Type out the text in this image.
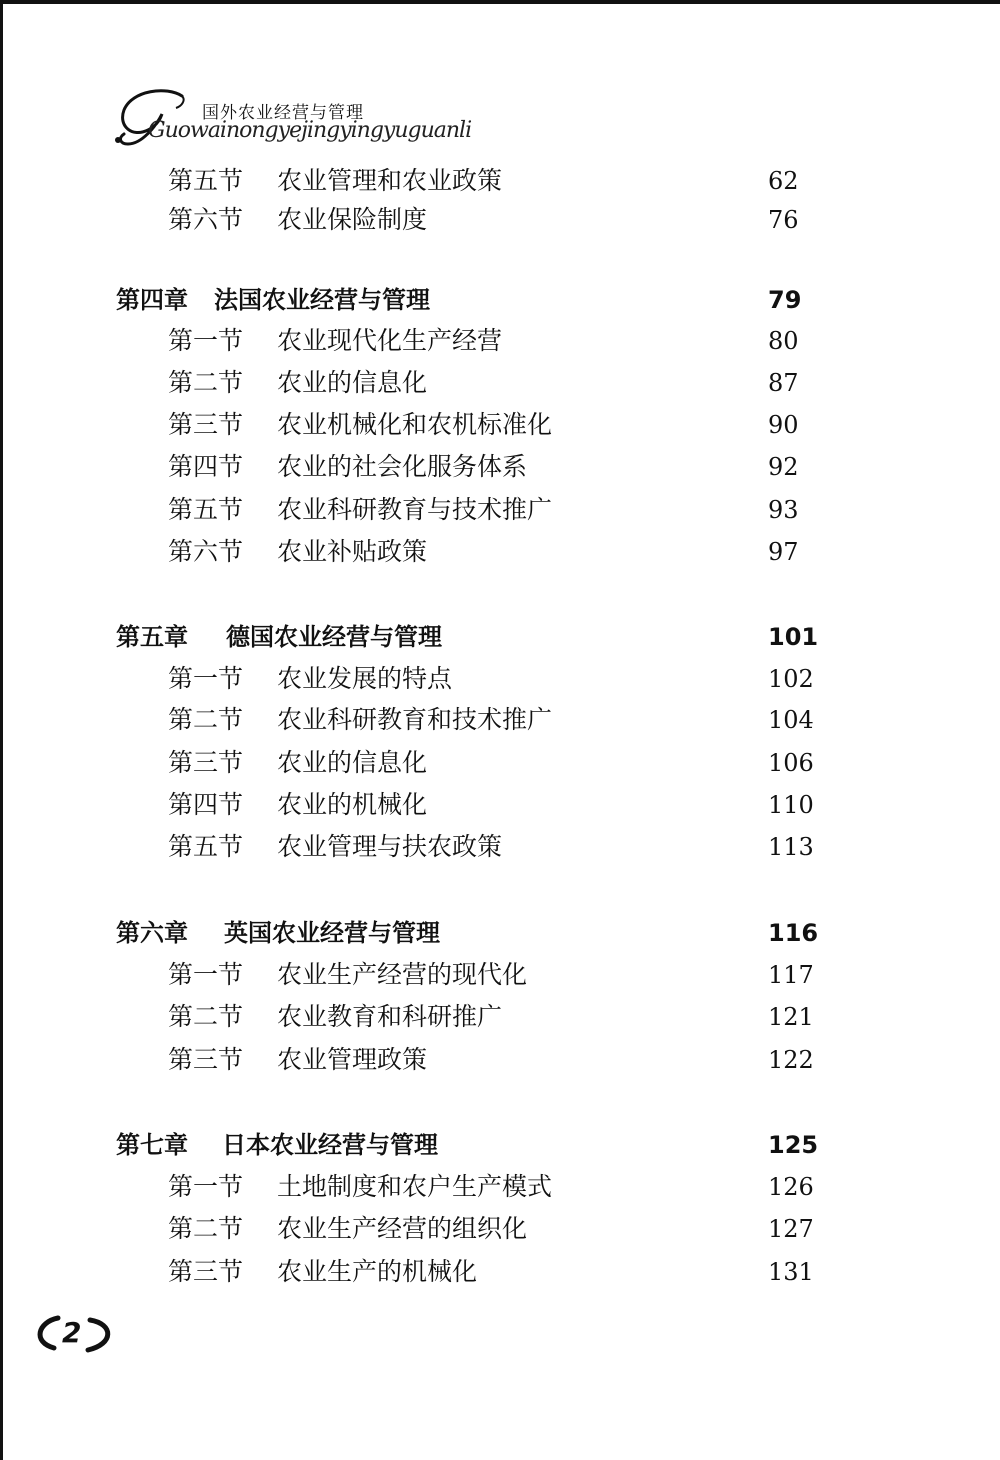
国外农业经营与管理
Guowainongyejingyingyuguanli
第五节 农业管理和农业政策	62
第六节 农业保险制度	76
第四章 法国农业经营与管理	79
第一节 农业现代化生产经营	80
第二节 农业的信息化	87
第三节 农业机械化和农机标准化	90
第四节 农业的社会化服务体系	92
第五节 农业科研教育与技术推广	93
第六节 农业补贴政策	97
第五章 德国农业经营与管理	101
第一节 农业发展的特点	102
第二节 农业科研教育和技术推广	104
第三节 农业的信息化	106
第四节 农业的机械化	110
第五节 农业管理与扶农政策	113
第六章 英国农业经营与管理	116
第一节 农业生产经营的现代化	117
第二节 农业教育和科研推广	121
第三节 农业管理政策	122
第七章 日本农业经营与管理	125
第一节 土地制度和农户生产模式	126
第二节 农业生产经营的组织化	127
第三节 农业生产的机械化	131
2
